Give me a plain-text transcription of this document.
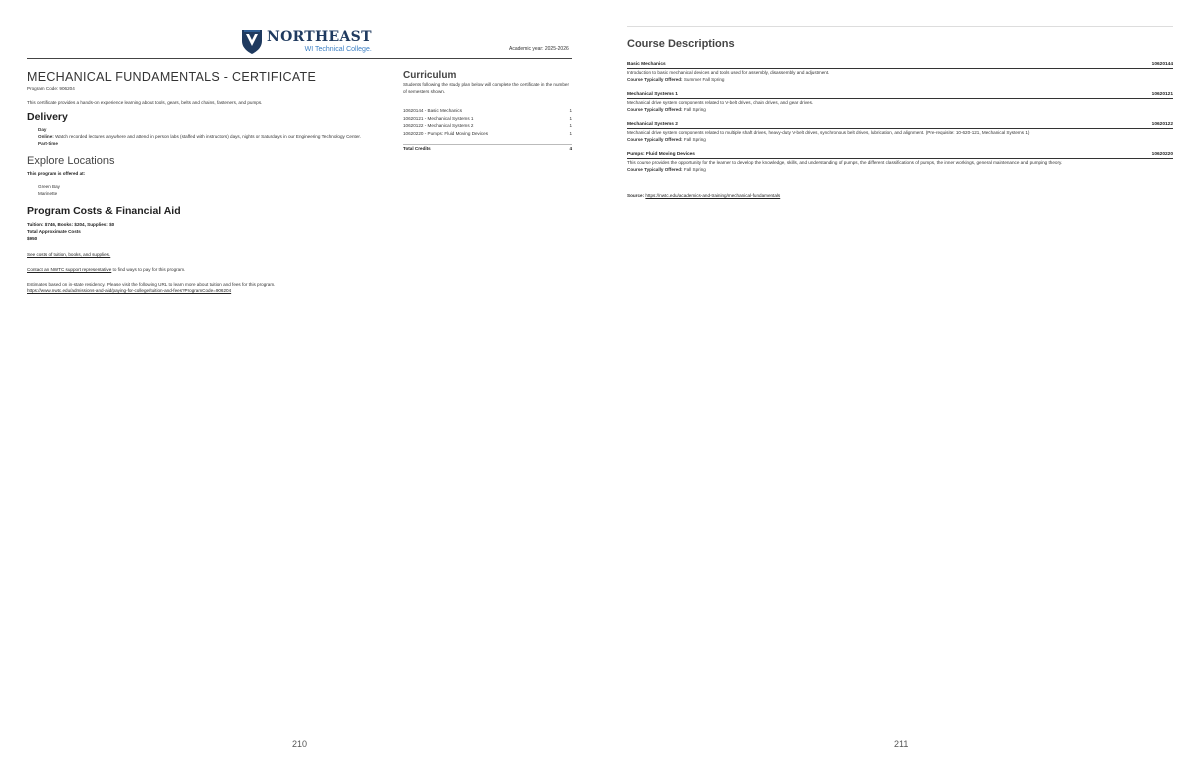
NORTHEAST
WI Technical College.	Academic year: 2025-2026
MECHANICAL FUNDAMENTALS - CERTIFICATE
Program Code: 906204
This certificate provides a hands-on experience learning about tools, gears, belts and chains, fasteners, and pumps.
Delivery
Day
Online: Watch recorded lectures anywhere and attend in person labs (staffed with instructors) days, nights or Saturdays in our Engineering Technology Center.
Part-time
Explore Locations
This program is offered at:
Green Bay
Marinette
Program Costs & Financial Aid
Tuition: $746, Books: $204, Supplies: $0
Total Approximate Costs
$950
See costs of tuition, books, and supplies.
Contact an NWTC support representative to find ways to pay for this program.
Estimates based on in-state residency. Please visit the following URL to learn more about tuition and fees for this program.
https://www.nwtc.edu/admissions-and-aid/paying-for-college/tuition-and-fees?ProgramCode=906204
Curriculum
Students following the study plan below will complete the certificate in the number of semesters shown.
10620144 - Basic Mechanics	1
10620121 - Mechanical Systems 1	1
10620122 - Mechanical Systems 2	1
10620220 - Pumps: Fluid Moving Devices	1
Total Credits	4
210
Course Descriptions
Basic Mechanics	10620144
Introduction to basic mechanical devices and tools used for assembly, disassembly and adjustment.
Course Typically Offered: Summer Fall Spring
Mechanical Systems 1	10620121
Mechanical drive system components related to V-belt drives, chain drives, and gear drives.
Course Typically Offered: Fall Spring
Mechanical Systems 2	10620122
Mechanical drive system components related to multiple shaft drives, heavy-duty V-belt drives, synchronous belt drives, lubrication, and alignment. (Pre-requisite: 10-620-121, Mechanical Systems 1)
Course Typically Offered: Fall Spring
Pumps: Fluid Moving Devices	10620220
This course provides the opportunity for the learner to develop the knowledge, skills, and understanding of pumps, the different classifications of pumps, the inner workings, general maintenance and pumping theory.
Course Typically Offered: Fall Spring
Source: https://nwtc.edu/academics-and-training/mechanical-fundamentals
211
